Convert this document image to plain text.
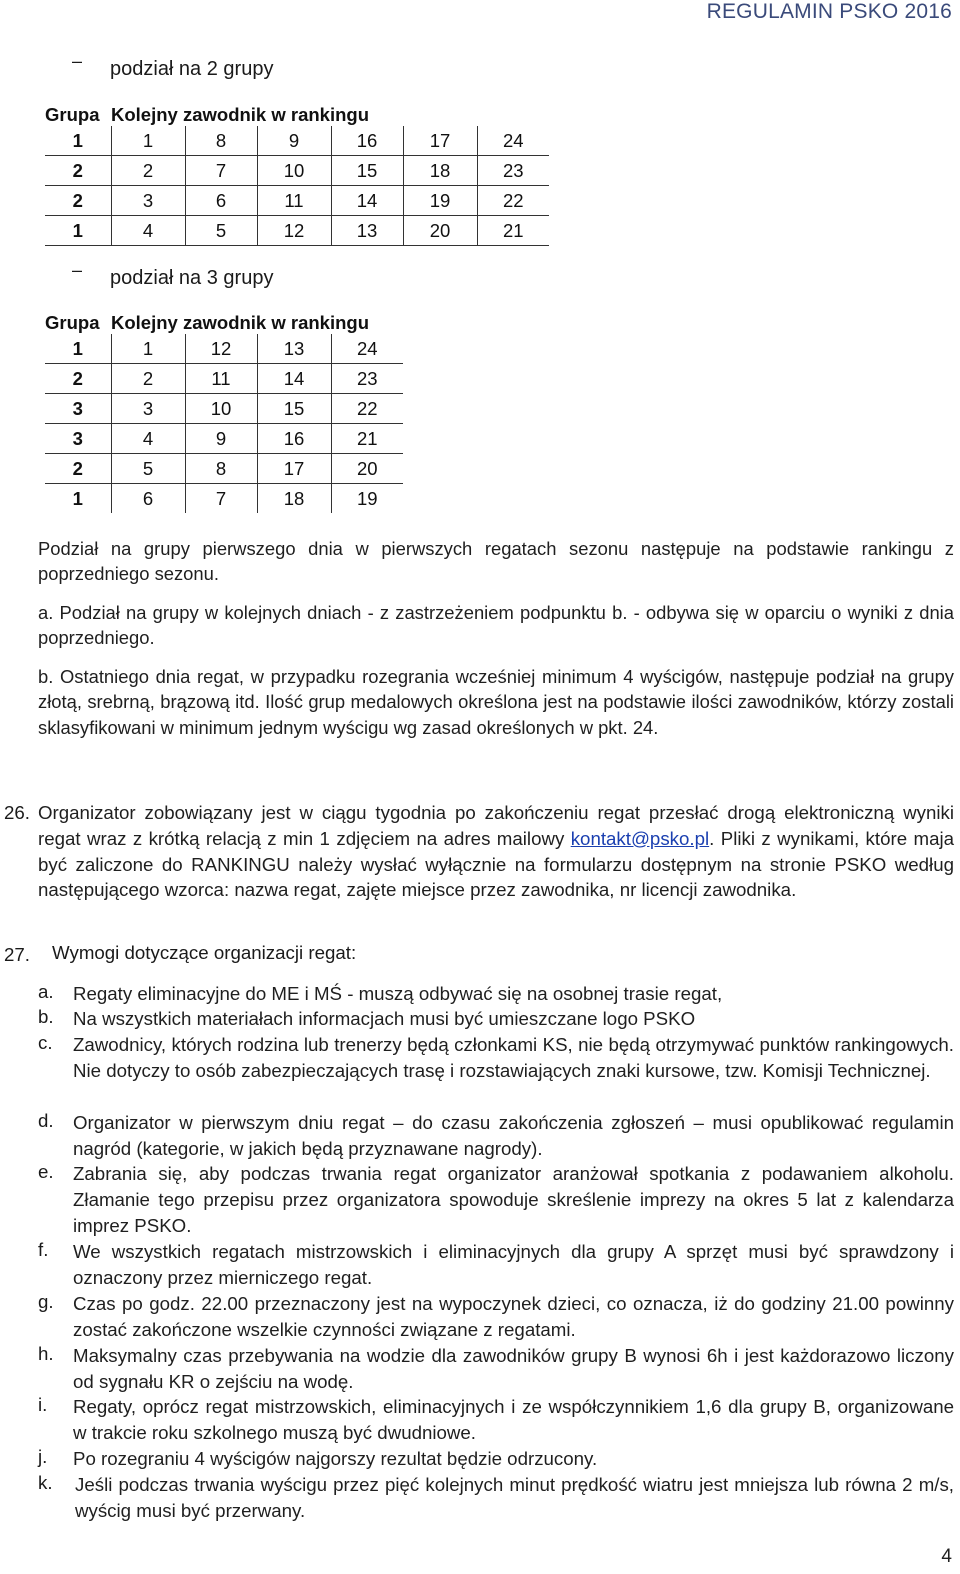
REGULAMIN PSKO 2016
– podział na 2 grupy
Grupa	Kolejny zawodnik w rankingu					
1	1	8	9	16	17	24
2	2	7	10	15	18	23
2	3	6	11	14	19	22
1	4	5	12	13	20	21
– podział na 3 grupy
Grupa	Kolejny zawodnik w rankingu			
1	1	12	13	24
2	2	11	14	23
3	3	10	15	22
3	4	9	16	21
2	5	8	17	20
1	6	7	18	19
Podział na grupy pierwszego dnia w pierwszych regatach sezonu następuje na podstawie rankingu z poprzedniego sezonu.
a. Podział na grupy w kolejnych dniach - z zastrzeżeniem podpunktu b. - odbywa się w oparciu o wyniki z dnia poprzedniego.
b. Ostatniego dnia regat, w przypadku rozegrania wcześniej minimum 4 wyścigów, następuje podział na grupy złotą, srebrną, brązową itd. Ilość grup medalowych określona jest na podstawie ilości zawodników, którzy zostali sklasyfikowani w minimum jednym wyścigu wg zasad określonych w pkt. 24.
26. Organizator zobowiązany jest w ciągu tygodnia po zakończeniu regat przesłać drogą elektroniczną wyniki regat wraz z krótką relacją z min 1 zdjęciem na adres mailowy kontakt@psko.pl. Pliki z wynikami, które maja być zaliczone do RANKINGU należy wysłać wyłącznie na formularzu dostępnym na stronie PSKO według następującego wzorca: nazwa regat, zajęte miejsce przez zawodnika, nr licencji zawodnika.
27. Wymogi dotyczące organizacji regat:
a. Regaty eliminacyjne do ME i MŚ - muszą odbywać się na osobnej trasie regat,
b. Na wszystkich materiałach informacjach musi być umieszczane logo PSKO
c. Zawodnicy, których rodzina lub trenerzy będą członkami KS, nie będą otrzymywać punktów rankingowych. Nie dotyczy to osób zabezpieczających trasę i rozstawiających znaki kursowe, tzw. Komisji Technicznej.
d. Organizator w pierwszym dniu regat – do czasu zakończenia zgłoszeń – musi opublikować regulamin nagród (kategorie, w jakich będą przyznawane nagrody).
e. Zabrania się, aby podczas trwania regat organizator aranżował spotkania z podawaniem alkoholu. Złamanie tego przepisu przez organizatora spowoduje skreślenie imprezy na okres 5 lat z kalendarza imprez PSKO.
f. We wszystkich regatach mistrzowskich i eliminacyjnych dla grupy A sprzęt musi być sprawdzony i oznaczony przez mierniczego regat.
g. Czas po godz. 22.00 przeznaczony jest na wypoczynek dzieci, co oznacza, iż do godziny 21.00 powinny zostać zakończone wszelkie czynności związane z regatami.
h. Maksymalny czas przebywania na wodzie dla zawodników grupy B wynosi 6h i jest każdorazowo liczony od sygnału KR o zejściu na wodę.
i. Regaty, oprócz regat mistrzowskich, eliminacyjnych i ze współczynnikiem 1,6 dla grupy B, organizowane w trakcie roku szkolnego muszą być dwudniowe.
j. Po rozegraniu 4 wyścigów najgorszy rezultat będzie odrzucony.
k. Jeśli podczas trwania wyścigu przez pięć kolejnych minut prędkość wiatru jest mniejsza lub równa 2 m/s, wyścig musi być przerwany.
4
